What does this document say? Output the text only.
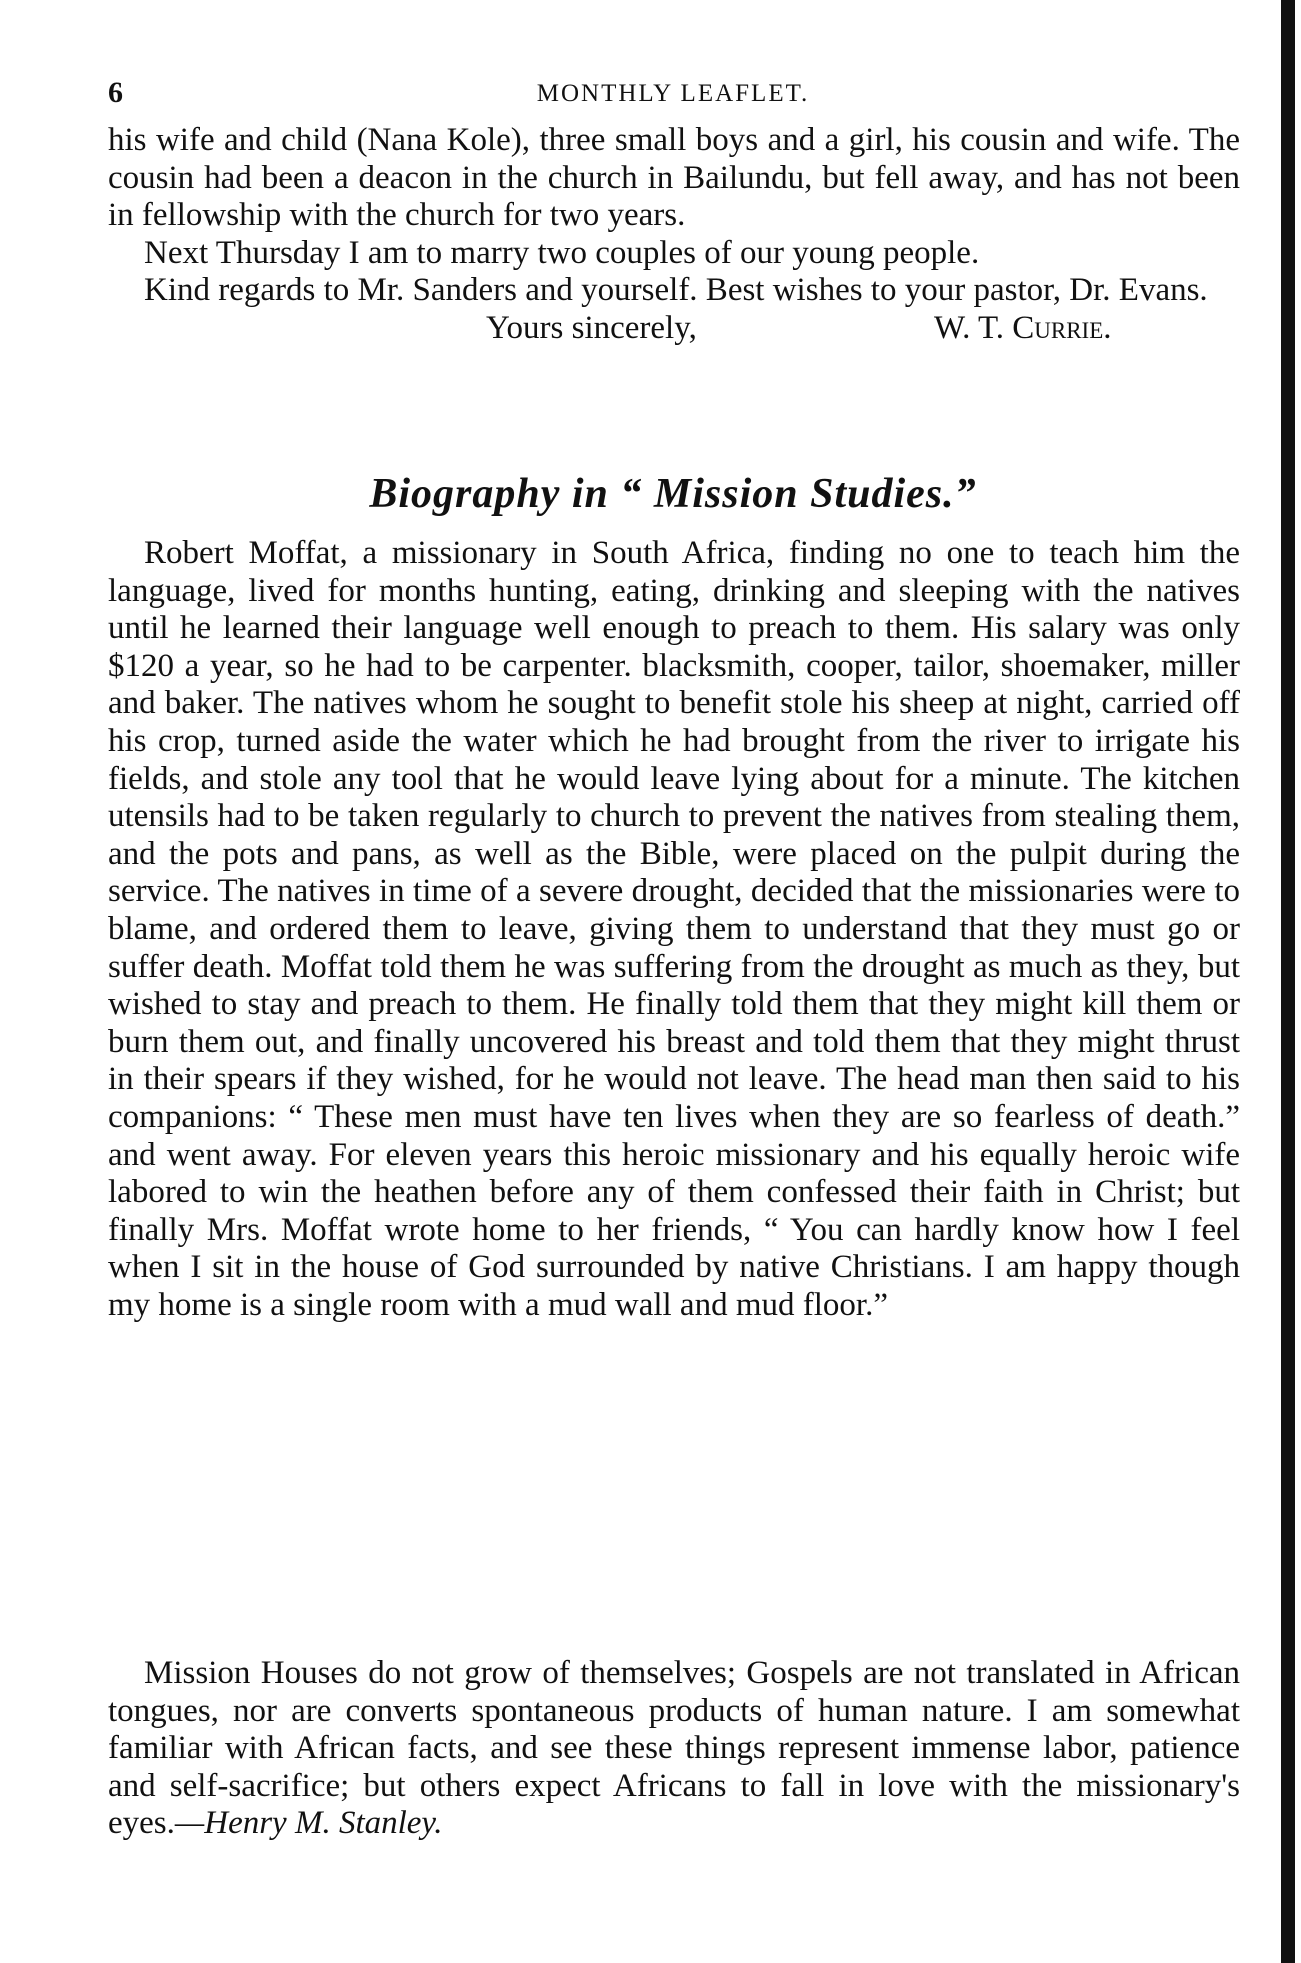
6	MONTHLY LEAFLET.

his wife and child (Nana Kole), three small boys and a girl, his cousin and wife. The cousin had been a deacon in the church in Bailundu, but fell away, and has not been in fellowship with the church for two years.

Next Thursday I am to marry two couples of our young people.

Kind regards to Mr. Sanders and yourself. Best wishes to your pastor, Dr. Evans.

Yours sincerely,	W. T. Currie.
Biography in “ Mission Studies.”

Robert Moffat, a missionary in South Africa, finding no one to teach him the language, lived for months hunting, eating, drinking and sleeping with the natives until he learned their language well enough to preach to them. His salary was only $120 a year, so he had to be carpenter. blacksmith, cooper, tailor, shoemaker, miller and baker. The natives whom he sought to benefit stole his sheep at night, carried off his crop, turned aside the water which he had brought from the river to irrigate his fields, and stole any tool that he would leave lying about for a minute. The kitchen utensils had to be taken regularly to church to prevent the natives from stealing them, and the pots and pans, as well as the Bible, were placed on the pulpit during the service. The natives in time of a severe drought, decided that the missionaries were to blame, and ordered them to leave, giving them to understand that they must go or suffer death. Moffat told them he was suffering from the drought as much as they, but wished to stay and preach to them. He finally told them that they might kill them or burn them out, and finally uncovered his breast and told them that they might thrust in their spears if they wished, for he would not leave. The head man then said to his companions: “ These men must have ten lives when they are so fearless of death.” and went away. For eleven years this heroic missionary and his equally heroic wife labored to win the heathen before any of them confessed their faith in Christ; but finally Mrs. Moffat wrote home to her friends, “ You can hardly know how I feel when I sit in the house of God surrounded by native Christians. I am happy though my home is a single room with a mud wall and mud floor.”

Mission Houses do not grow of themselves; Gospels are not translated in African tongues, nor are converts spontaneous products of human nature. I am somewhat familiar with African facts, and see these things represent immense labor, patience and self-sacrifice; but others expect Africans to fall in love with the missionary's eyes.—Henry M. Stanley.
